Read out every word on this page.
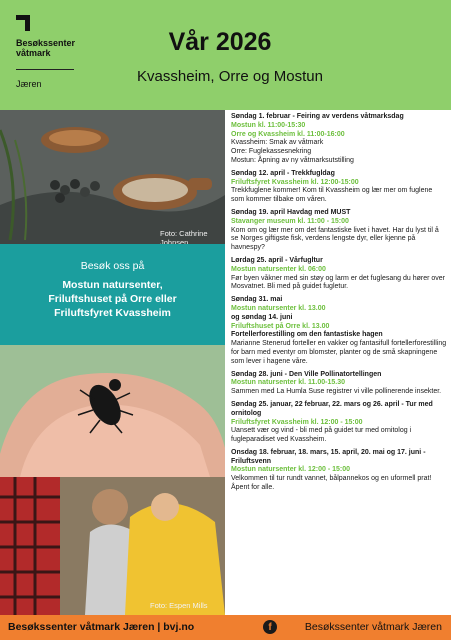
Besøkssenter
våtmark
Jæren
Vår 2026
Kvassheim, Orre og Mostun
Foto: Cathrine Johnsen
Besøk oss på
Mostun natursenter,
Friluftshuset på Orre eller
Friluftsfyret Kvassheim
Foto: Espen Mills
Søndag 1. februar - Feiring av verdens våtmarksdag
Mostun kl. 11:00-15:30
Orre og Kvassheim kl. 11:00-16:00
Kvassheim: Smak av våtmark
Orre: Fuglekassesnekring
Mostun: Åpning av ny våtmarksutstilling
Søndag 12. april - Trekkfugldag
Friluftsfyret Kvassheim kl. 12:00-15:00
Trekkfuglene kommer! Kom til Kvassheim og lær mer om fuglene som kommer tilbake om våren.
Søndag 19. april Havdag med MUST
Stavanger museum kl. 11:00 - 15:00
Kom om og lær mer om det fantastiske livet i havet. Har du lyst til å se Norges giftigste fisk, verdens lengste dyr, eller kjenne på havnespy?
Lørdag 25. april - Vårfugltur
Mostun natursenter kl. 06:00
Før byen våkner med sin støy og larm er det fuglesang du hører over Mosvatnet. Bli med på guidet fugletur.
Søndag 31. mai
Mostun natursenter kl. 13.00
og søndag 14. juni
Friluftshuset på Orre kl. 13.00
Fortellerforestilling om den fantastiske hagen
Marianne Stenerud forteller en vakker og fantasifull fortellerforestilling for barn med eventyr om blomster, planter og de små skapningene som lever i hagene våre.
Søndag 28. juni - Den Ville Pollinatortellingen
Mostun natursenter kl. 11.00-15.30
Sammen med La Humla Suse registrer vi ville pollinerende insekter.
Søndag 25. januar, 22 februar, 22. mars og 26. april - Tur med ornitolog
Friluftsfyret Kvassheim kl. 12:00 - 15:00
Uansett vær og vind - bli med på guidet tur med ornitolog i fugleparadiset ved Kvassheim.
Onsdag 18. februar, 18. mars, 15. april, 20. mai og 17. juni - Friluftsvenn
Mostun natursenter kl. 12:00 - 15:00
Velkommen til tur rundt vannet, bålpannekos og en uformell prat! Åpent for alle.
Besøkssenter våtmark Jæren | bvj.no	f	Besøkssenter våtmark Jæren
